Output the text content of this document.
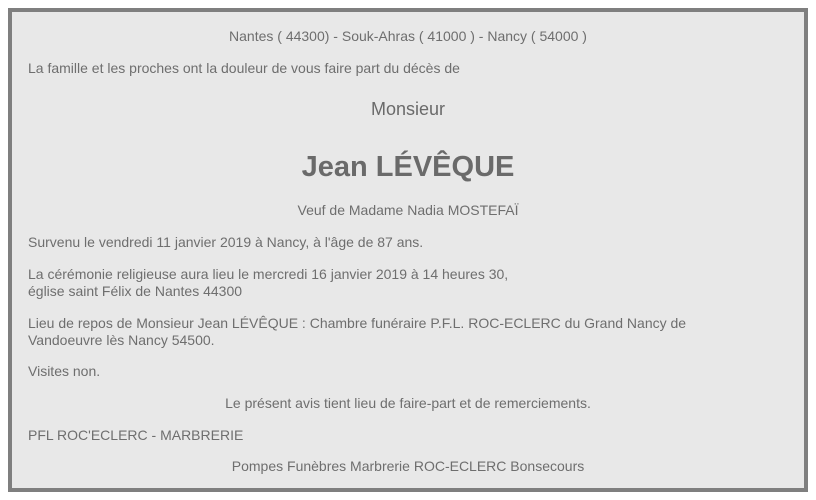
Nantes ( 44300) - Souk-Ahras ( 41000 ) - Nancy ( 54000 )
La famille et les proches ont la douleur de vous faire part du décès de
Monsieur
Jean LÉVÊQUE
Veuf de Madame Nadia MOSTEFAÏ
Survenu le vendredi 11 janvier 2019 à Nancy, à l'âge de 87 ans.
La cérémonie religieuse aura lieu le mercredi 16 janvier 2019 à 14 heures 30,
église saint Félix de Nantes 44300
Lieu de repos de Monsieur Jean LÉVÊQUE : Chambre funéraire P.F.L. ROC-ECLERC du Grand Nancy de
Vandoeuvre lès Nancy 54500.
Visites non.
Le présent avis tient lieu de faire-part et de remerciements.
PFL ROC'ECLERC - MARBRERIE
Pompes Funèbres Marbrerie ROC-ECLERC Bonsecours
